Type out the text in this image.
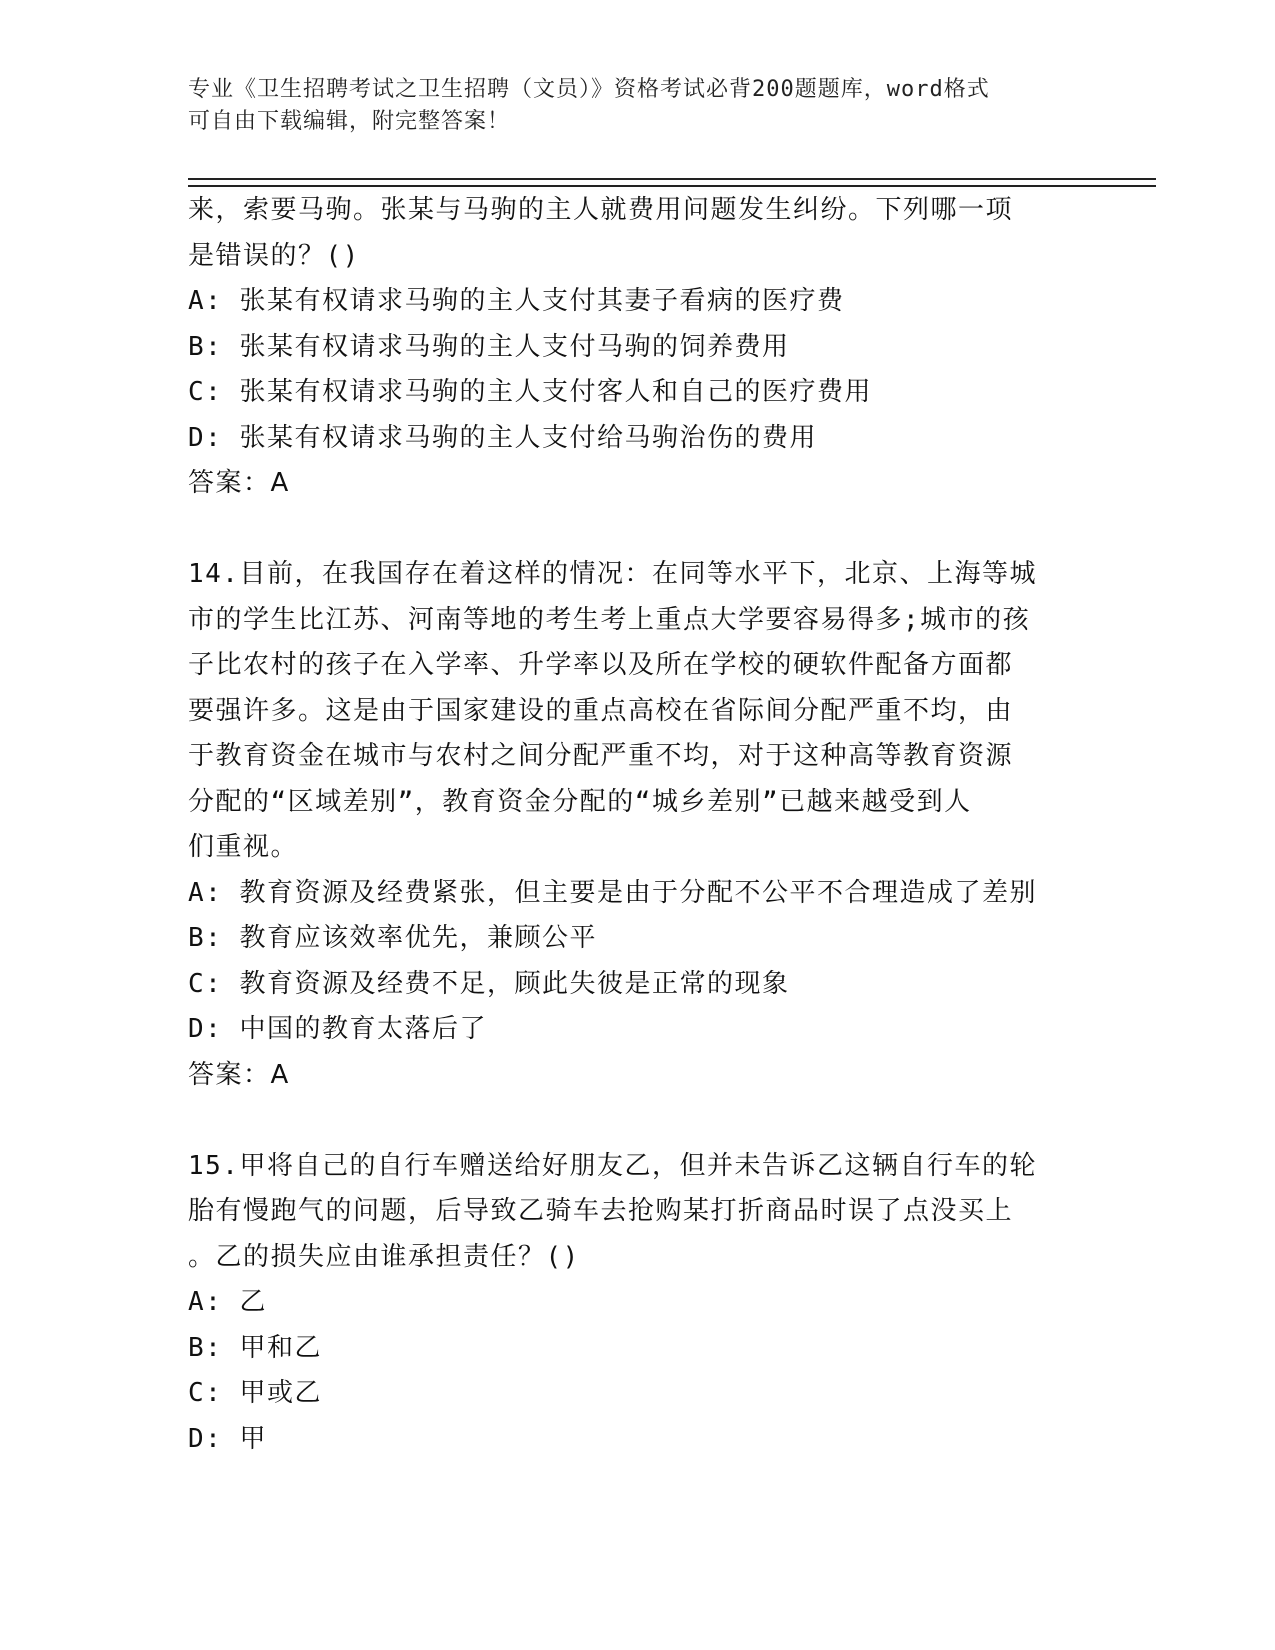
专业《卫生招聘考试之卫生招聘（文员）》资格考试必背200题题库，word格式
可自由下载编辑，附完整答案！
来，索要马驹。张某与马驹的主人就费用问题发生纠纷。下列哪一项
是错误的？()
A: 张某有权请求马驹的主人支付其妻子看病的医疗费
B: 张某有权请求马驹的主人支付马驹的饲养费用
C: 张某有权请求马驹的主人支付客人和自己的医疗费用
D: 张某有权请求马驹的主人支付给马驹治伤的费用
答案：A
14.目前，在我国存在着这样的情况：在同等水平下，北京、上海等城
市的学生比江苏、河南等地的考生考上重点大学要容易得多;城市的孩
子比农村的孩子在入学率、升学率以及所在学校的硬软件配备方面都
要强许多。这是由于国家建设的重点高校在省际间分配严重不均，由
于教育资金在城市与农村之间分配严重不均，对于这种高等教育资源
分配的“区域差别”，教育资金分配的“城乡差别”已越来越受到人
们重视。
A: 教育资源及经费紧张，但主要是由于分配不公平不合理造成了差别
B: 教育应该效率优先，兼顾公平
C: 教育资源及经费不足，顾此失彼是正常的现象
D: 中国的教育太落后了
答案：A
15.甲将自己的自行车赠送给好朋友乙，但并未告诉乙这辆自行车的轮
胎有慢跑气的问题，后导致乙骑车去抢购某打折商品时误了点没买上
。乙的损失应由谁承担责任？()
A: 乙
B: 甲和乙
C: 甲或乙
D: 甲
